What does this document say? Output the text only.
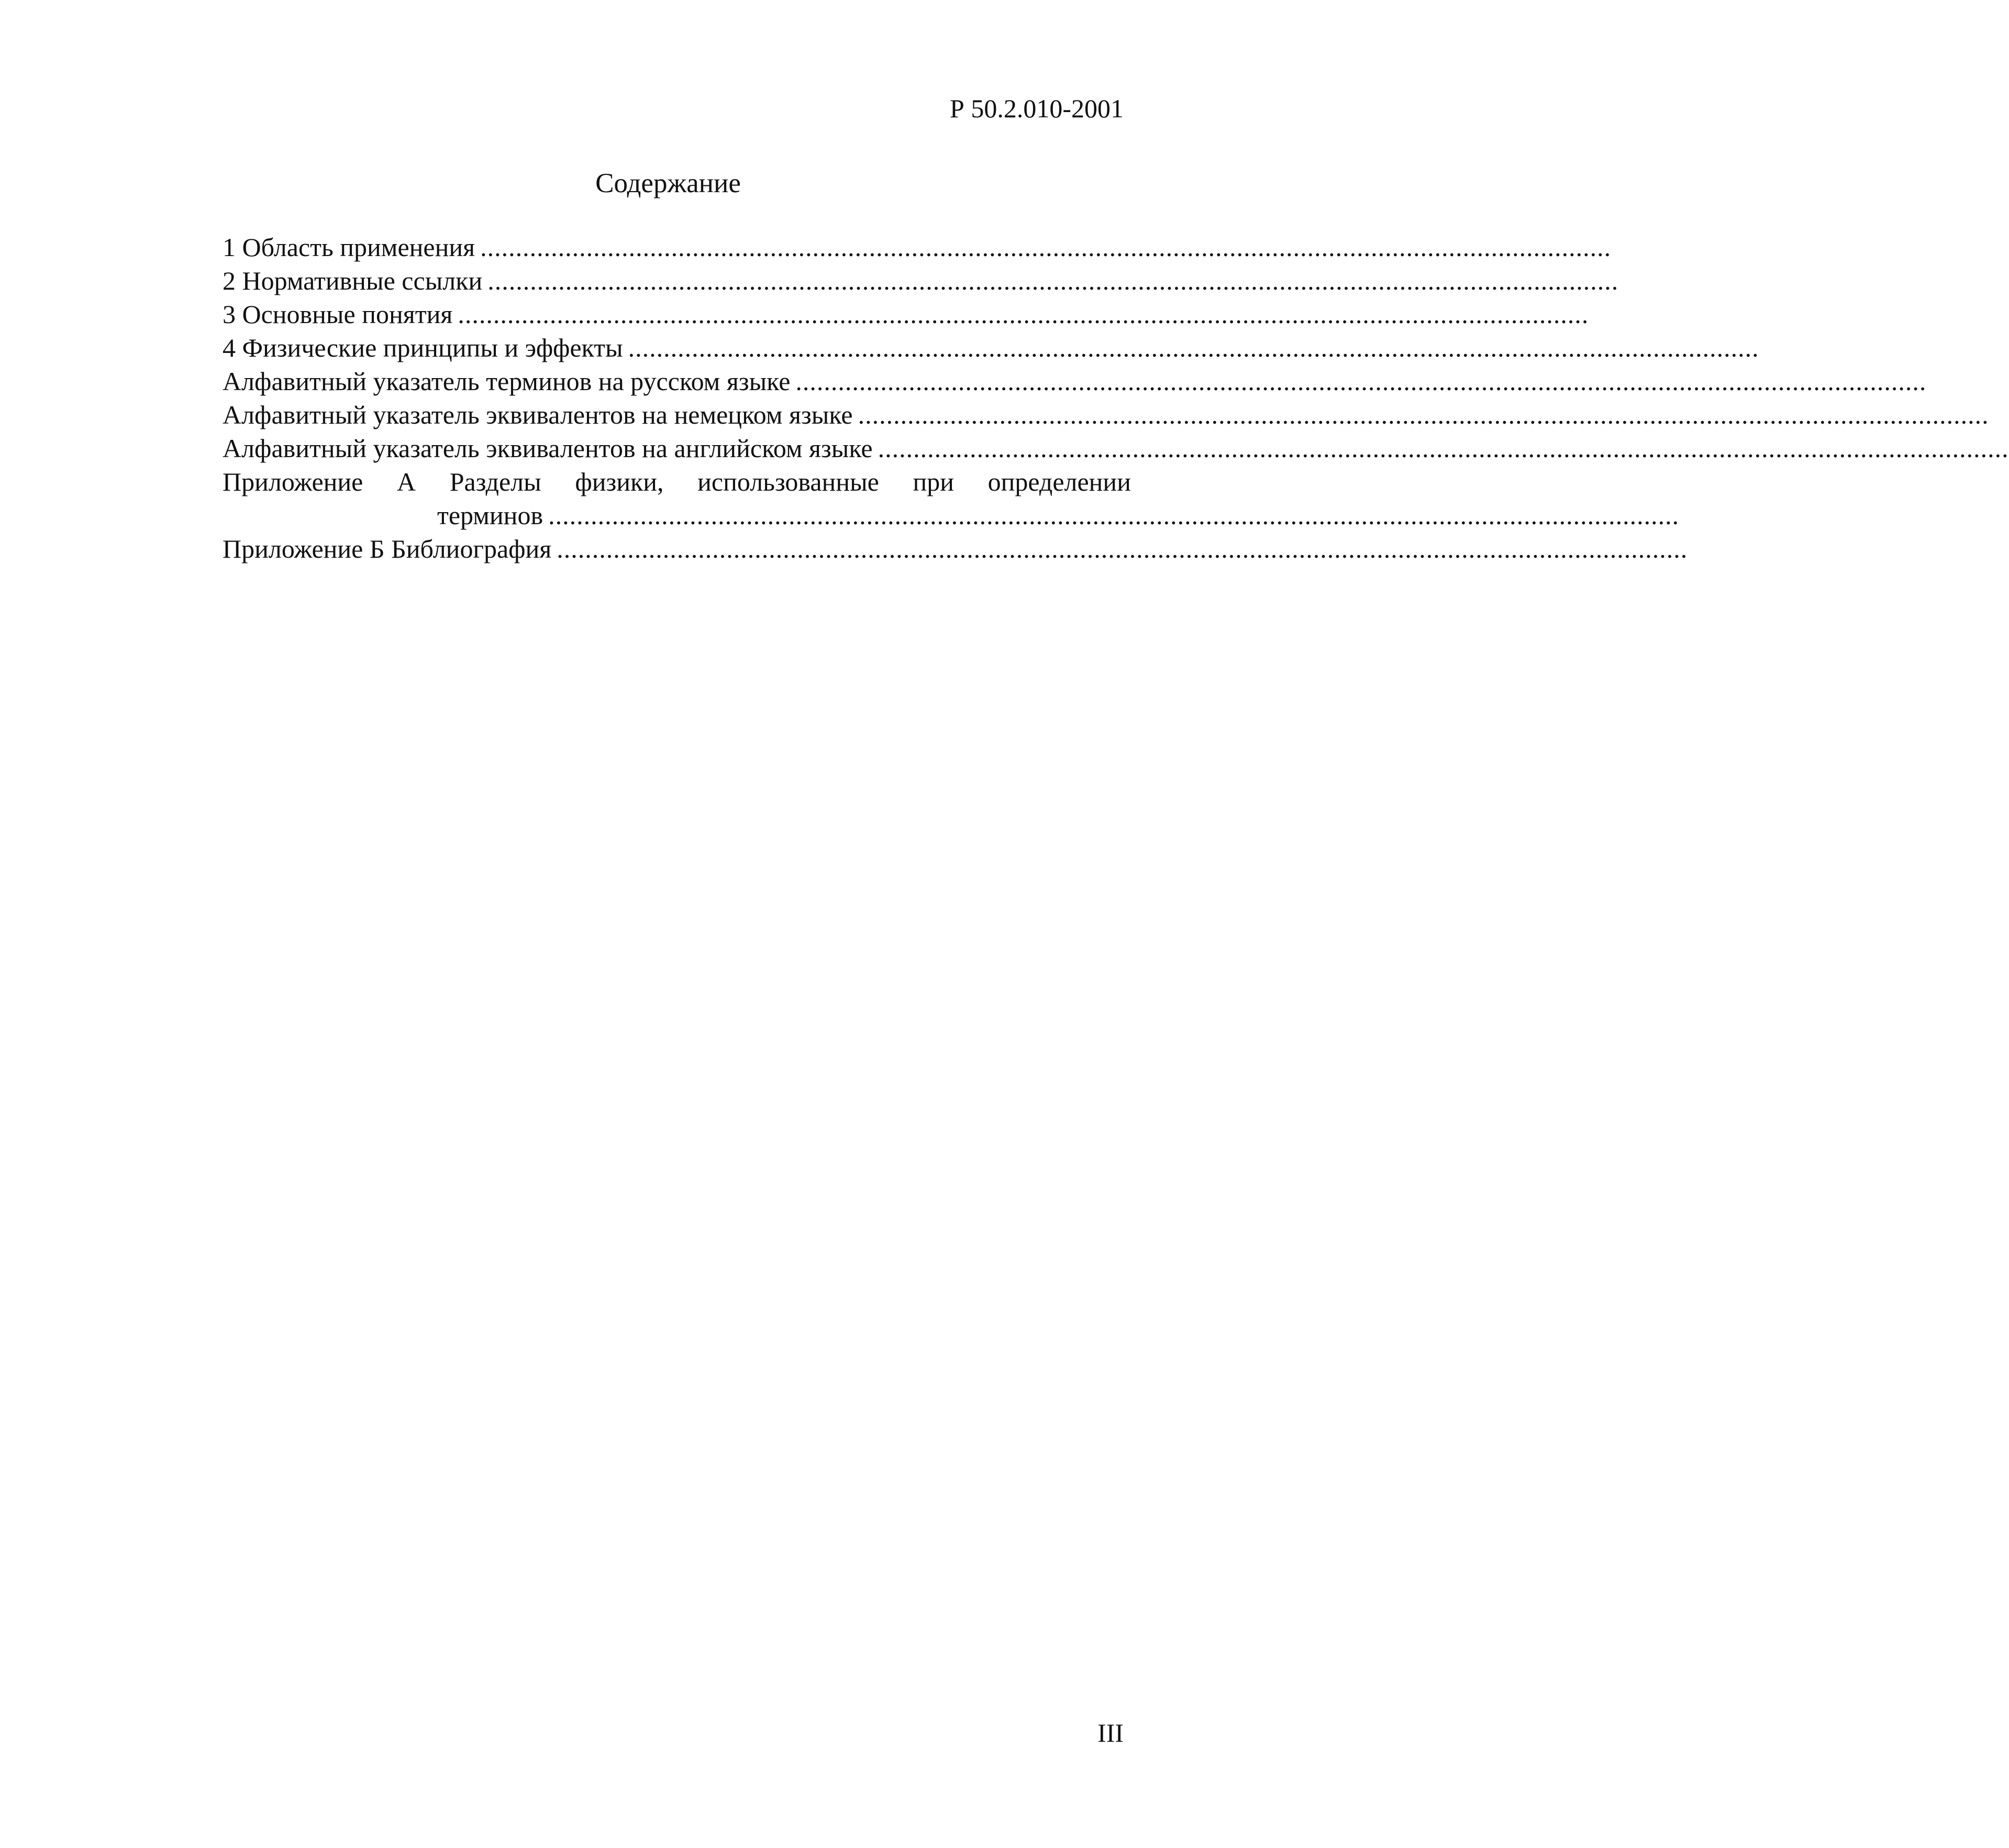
Р 50.2.010-2001
Содержание
1 Область применения ................................................................................................................................................................
2 Нормативные ссылки ................................................................................................................................................................
3 Основные понятия ................................................................................................................................................................
4 Физические принципы и эффекты ................................................................................................................................................................
Алфавитный указатель терминов на русском языке ................................................................................................................................................................
Алфавитный указатель эквивалентов на немецком языке ................................................................................................................................................................
Алфавитный указатель эквивалентов на английском языке ................................................................................................................................................................
Приложение А Разделы физики, использованные при определении
терминов ................................................................................................................................................................
Приложение Б Библиография ................................................................................................................................................................
III
